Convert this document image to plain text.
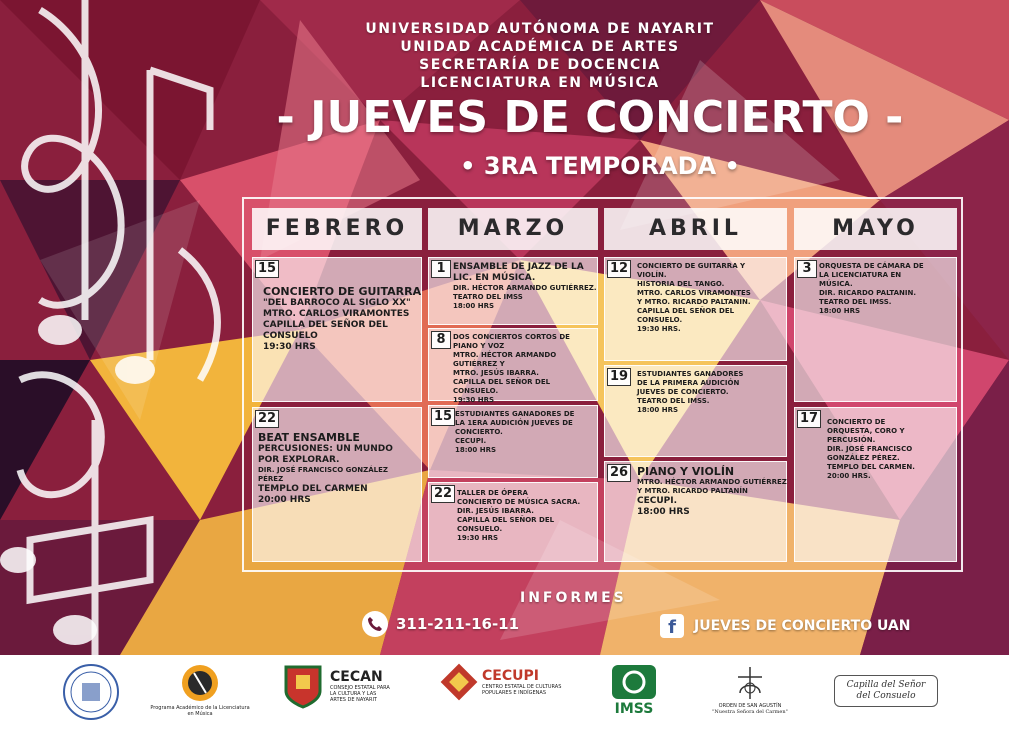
UNIVERSIDAD AUTÓNOMA DE NAYARIT
UNIDAD ACADÉMICA DE ARTES
SECRETARÍA DE DOCENCIA
LICENCIATURA EN MÚSICA
- JUEVES DE CONCIERTO -
• 3RA TEMPORADA •
FEBRERO	MARZO	ABRIL	MAYO
15
CONCIERTO DE GUITARRA
"DEL BARROCO AL SIGLO XX"
MTRO. CARLOS VIRAMONTES
CAPILLA DEL SEÑOR DEL
CONSUELO
19:30 HRS
22
BEAT ENSAMBLE
PERCUSIONES: UN MUNDO
POR EXPLORAR.
DIR. JOSÉ FRANCISCO GONZÁLEZ
PÉREZ
TEMPLO DEL CARMEN
20:00 HRS
1 ENSAMBLE DE JAZZ DE LA
LIC. EN MÚSICA.
DIR. HÉCTOR ARMANDO GUTIÉRREZ.
TEATRO DEL IMSS
18:00 HRS
8	DOS CONCIERTOS CORTOS DE
PIANO Y VOZ
MTRO. HÉCTOR ARMANDO GUTIÉRREZ Y
MTRO. JESÚS IBARRA.
CAPILLA DEL SEÑOR DEL
CONSUELO.
19:30 HRS
15 ESTUDIANTES GANADORES DE
LA 1ERA AUDICIÓN JUEVES DE
CONCIERTO.
CECUPI.
18:00 HRS
22 TALLER DE ÓPERA
CONCIERTO DE MÚSICA SACRA.
DIR. JESÚS IBARRA.
CAPILLA DEL SEÑOR DEL
CONSUELO.
19:30 HRS
12	CONCIERTO DE GUITARRA Y
VIOLÍN.
HISTORIA DEL TANGO.
MTRO. CARLOS VIRAMONTES
Y MTRO. RICARDO PALTANIN.
CAPILLA DEL SEÑOR DEL
CONSUELO.
19:30 HRS.
19	ESTUDIANTES GANADORES
DE LA PRIMERA AUDICIÓN
JUEVES DE CONCIERTO.
TEATRO DEL IMSS.
18:00 HRS
26 PIANO Y VIOLÍN
MTRO. HÉCTOR ARMANDO GUTIÉRREZ
Y MTRO. RICARDO PALTANÍN
CECUPI.
18:00 HRS
3	ORQUESTA DE CÁMARA DE
LA LICENCIATURA EN
MÚSICA.
DIR. RICARDO PALTANIN.
TEATRO DEL IMSS.
18:00 HRS
17	CONCIERTO DE
ORQUESTA, CORO Y
PERCUSIÓN.
DIR. JOSÉ FRANCISCO
GONZÁLEZ PÉREZ.
TEMPLO DEL CARMEN.
20:00 HRS.
INFORMES
311-211-16-11	f	JUEVES DE CONCIERTO UAN
Programa Académico de la Licenciatura en Música
CECAN
CONSEJO ESTATAL PARA LA CULTURA Y LAS ARTES DE NAYARIT
CECUPI
CENTRO ESTATAL DE CULTURAS POPULARES E INDÍGENAS
IMSS	ORDEN DE SAN AGUSTÍN
"Nuestra Señora del Carmen"
Capilla del Señor del Consuelo
